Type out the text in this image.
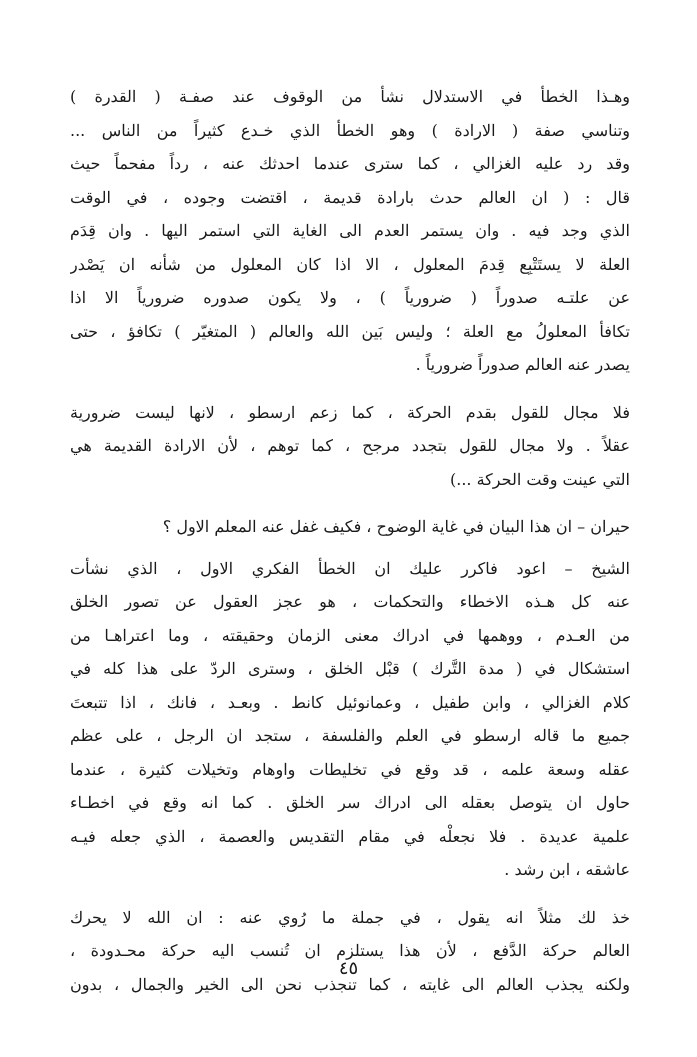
وهـذا الخطأ في الاستدلال نشأ من الوقوف عند صفـة ( القدرة )
وتناسي صفة ( الارادة ) وهو الخطأ الذي خـدع كثيراً من الناس ...
وقد رد عليه الغزالي ، كما سترى عندما احدثك عنه ، رداً مفحماً حيث
قال : ( ان العالم حدث بارادة قديمة ، اقتضت وجوده ، في الوقت
الذي وجد فيه . وان يستمر العدم الى الغاية التي استمر اليها . وان قِدَم
العلة لا يستَتْبِع قِدمَ المعلول ، الا اذا كان المعلول من شأنه ان يَصْدر
عن علتـه صدوراً ( ضرورياً ) ، ولا يكون صدوره ضرورياً الا اذا
تكافأ المعلولُ مع العلة ؛ وليس بَين الله والعالم ( المتغيّر ) تكافؤ ، حتى
يصدر عنه العالم صدوراً ضرورياً .
فلا مجال للقول بقدم الحركة ، كما زعم ارسطو ، لانها ليست ضرورية
عقلاً . ولا مجال للقول بتجدد مرجح ، كما توهم ، لأن الارادة القديمة هي
التي عينت وقت الحركة ...)
حيران – ان هذا البيان في غاية الوضوح ، فكيف غفل عنه المعلم الاول ؟
الشيخ – اعود فاكرر عليك ان الخطأ الفكري الاول ، الذي نشأت
عنه كل هـذه الاخطاء والتحكمات ، هو عجز العقول عن تصور الخلق
من العـدم ، ووهمها في ادراك معنى الزمان وحقيقته ، وما اعتراهـا من
استشكال في ( مدة التَّرك ) قبْل الخلق ، وسترى الردّ على هذا كله في
كلام الغزالي ، وابن طفيل ، وعمانوئيل كانط . وبعـد ، فانك ، اذا تتبعتَ
جميع ما قاله ارسطو في العلم والفلسفة ، ستجد ان الرجل ، على عظم
عقله وسعة علمه ، قد وقع في تخليطات واوهام وتخيلات كثيرة ، عندما
حاول ان يتوصل بعقله الى ادراك سر الخلق . كما انه وقع في اخطـاء
علمية عديدة . فلا نجعلْه في مقام التقديس والعصمة ، الذي جعله فيـه
عاشقه ، ابن رشد .
خذ لك مثلاً انه يقول ، في جملة ما رُوي عنه : ان الله لا يحرك
العالم حركة الدَّفع ، لأن هذا يستلزم ان تُنسب اليه حركة محـدودة ،
ولكنه يجذب العالم الى غايته ، كما تنجذب نحن الى الخير والجمال ، بدون
٤٥
